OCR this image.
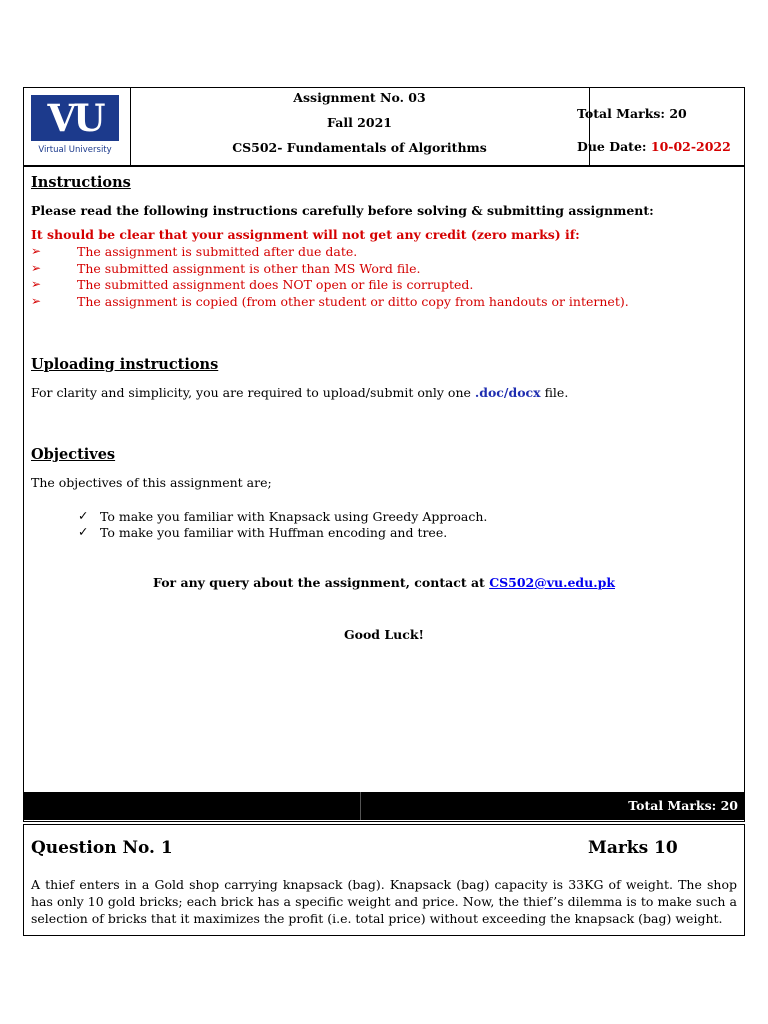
VU
Virtual University
Assignment No. 03
Fall 2021
CS502- Fundamentals of Algorithms
Total Marks: 20
Due Date: 10-02-2022
Instructions
Please read the following instructions carefully before solving & submitting assignment:
It should be clear that your assignment will not get any credit (zero marks) if:
➢	The assignment is submitted after due date.
➢	The submitted assignment is other than MS Word file.
➢	The submitted assignment does NOT open or file is corrupted.
➢	The assignment is copied (from other student or ditto copy from handouts or internet).
Uploading instructions
For clarity and simplicity, you are required to upload/submit only one .doc/docx file.
Objectives
The objectives of this assignment are;
✓ To make you familiar with Knapsack using Greedy Approach.
✓ To make you familiar with Huffman encoding and tree.
For any query about the assignment, contact at CS502@vu.edu.pk
Good Luck!
Total Marks: 20
Question No. 1	Marks 10
A thief enters in a Gold shop carrying knapsack (bag). Knapsack (bag) capacity is 33KG of weight. The shop has only 10 gold bricks; each brick has a specific weight and price. Now, the thief’s dilemma is to make such a selection of bricks that it maximizes the profit (i.e. total price) without exceeding the knapsack (bag) weight.
